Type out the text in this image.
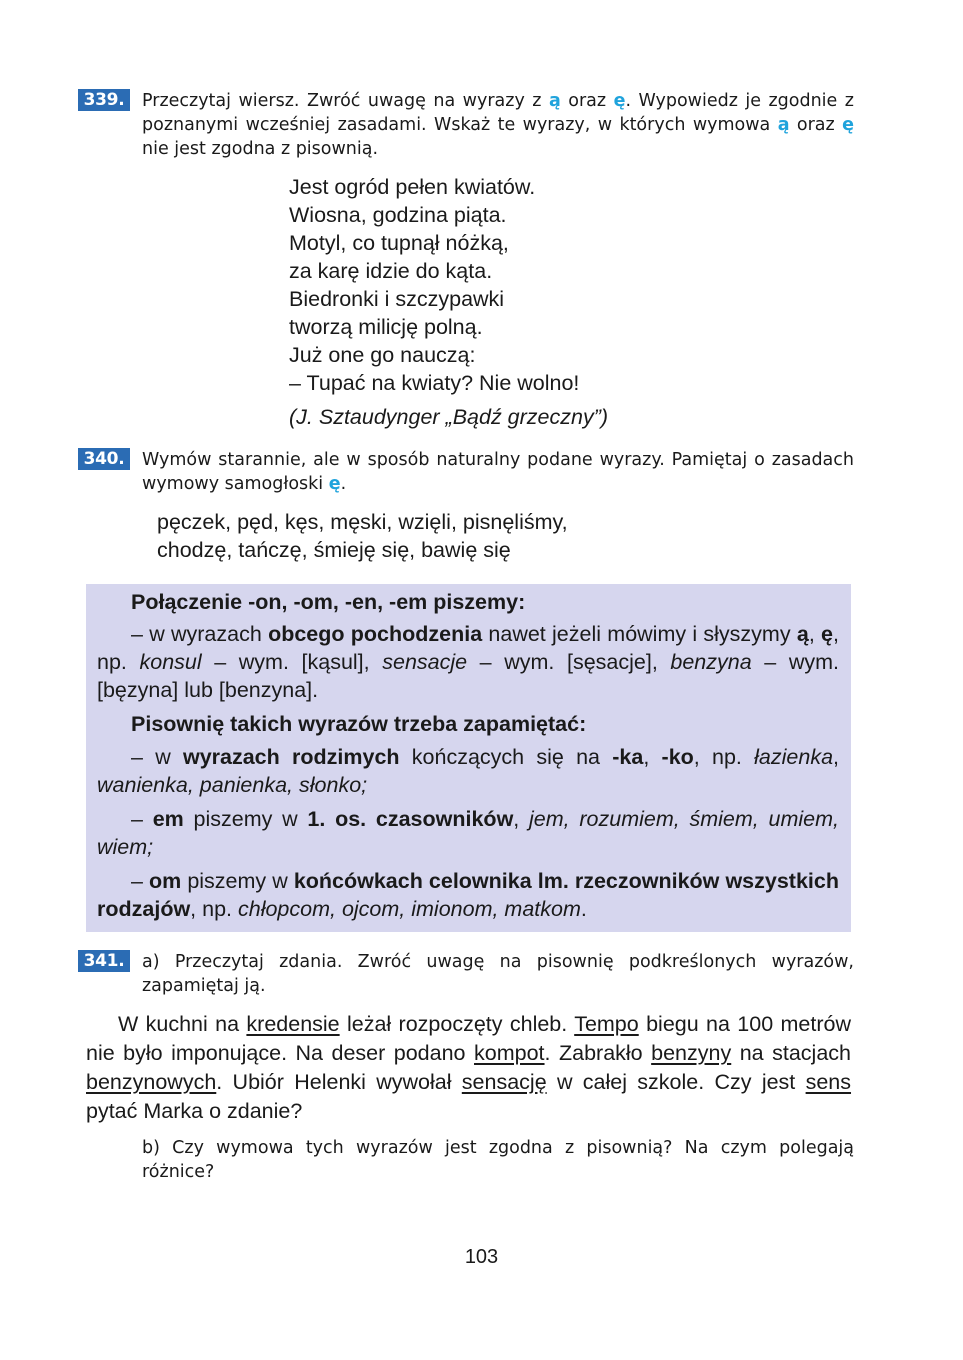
339.	Przeczytaj wiersz. Zwróć uwagę na wyrazy z ą oraz ę. Wypowiedz je zgodnie z poznanymi wcześniej zasadami. Wskaż te wyrazy, w których wymowa ą oraz ę nie jest zgodna z pisownią.
Jest ogród pełen kwiatów.
Wiosna, godzina piąta.
Motyl, co tupnął nóżką,
za karę idzie do kąta.
Biedronki i szczypawki
tworzą milicję polną.
Już one go nauczą:
– Tupać na kwiaty? Nie wolno!
(J. Sztaudynger „Bądź grzeczny”)
340.	Wymów starannie, ale w sposób naturalny podane wyrazy. Pamiętaj o zasadach wymowy samogłoski ę.
pęczek, pęd, kęs, męski, wzięli, pisnęliśmy,
chodzę, tańczę, śmieję się, bawię się
Połączenie -on, -om, -en, -em piszemy:
– w wyrazach obcego pochodzenia nawet jeżeli mówimy i słyszymy ą, ę, np. konsul – wym. [kąsul], sensacje – wym. [sęsacje], benzyna – wym. [bęzyna] lub [benzyna].
Pisownię takich wyrazów trzeba zapamiętać:
– w wyrazach rodzimych kończących się na -ka, -ko, np. łazienka, wanienka, panienka, słonko;
– em piszemy w 1. os. czasowników, jem, rozumiem, śmiem, umiem, wiem;
– om piszemy w końcówkach celownika lm. rzeczowników wszystkich rodzajów, np. chłopcom, ojcom, imionom, matkom.
341.	a) Przeczytaj zdania. Zwróć uwagę na pisownię podkreślonych wyrazów, zapamiętaj ją.
W kuchni na kredensie leżał rozpoczęty chleb. Tempo biegu na 100 metrów nie było imponujące. Na deser podano kompot. Zabrakło benzyny na stacjach benzynowych. Ubiór Helenki wywołał sensację w całej szkole. Czy jest sens pytać Marka o zdanie?
b) Czy wymowa tych wyrazów jest zgodna z pisownią? Na czym polegają różnice?
103
